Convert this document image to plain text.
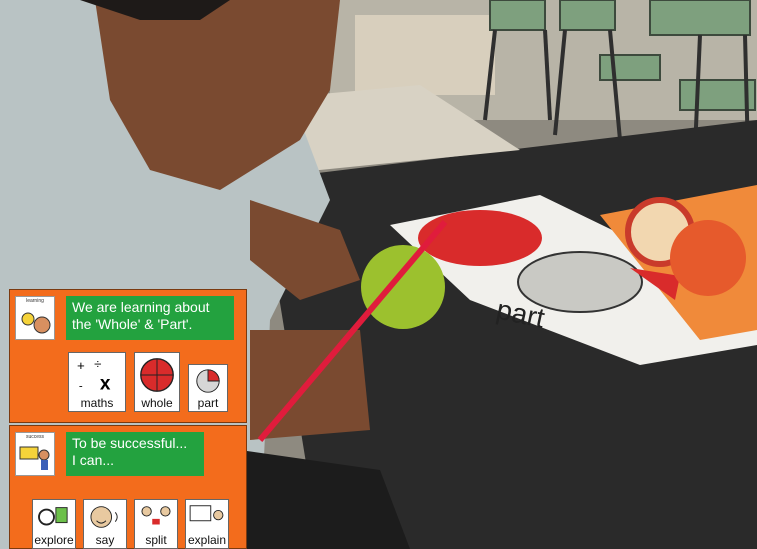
part
learning	We are learning about
the 'Whole' & 'Part'.
+ ÷
x
-
maths	whole	part
success	To be successful...
I can...
explore	say	split	explain
